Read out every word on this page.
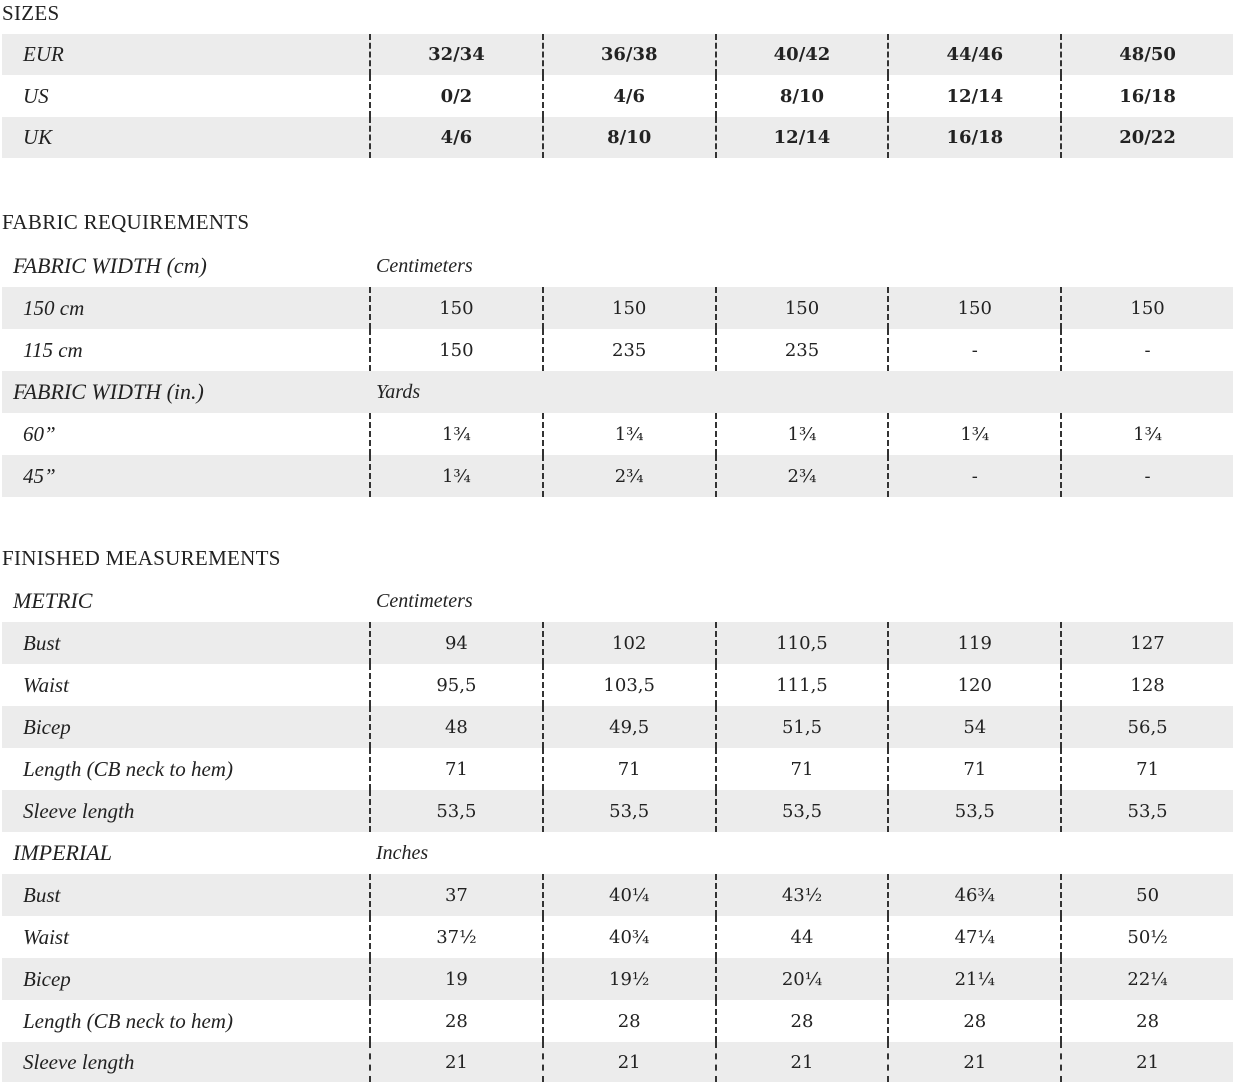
SIZES
EUR	32/34	36/38	40/42	44/46	48/50
US	0/2	4/6	8/10	12/14	16/18
UK	4/6	8/10	12/14	16/18	20/22
FABRIC REQUIREMENTS
FABRIC WIDTH (cm)	Centimeters
150 cm	150	150	150	150	150
115 cm	150	235	235	-	-
FABRIC WIDTH (in.)	Yards
60”	1¾	1¾	1¾	1¾	1¾
45”	1¾	2¾	2¾	-	-
FINISHED MEASUREMENTS
METRIC	Centimeters
Bust	94	102	110,5	119	127
Waist	95,5	103,5	111,5	120	128
Bicep	48	49,5	51,5	54	56,5
Length (CB neck to hem)	71	71	71	71	71
Sleeve length	53,5	53,5	53,5	53,5	53,5
IMPERIAL	Inches
Bust	37	40¼	43½	46¾	50
Waist	37½	40¾	44	47¼	50½
Bicep	19	19½	20¼	21¼	22¼
Length (CB neck to hem)	28	28	28	28	28
Sleeve length	21	21	21	21	21
